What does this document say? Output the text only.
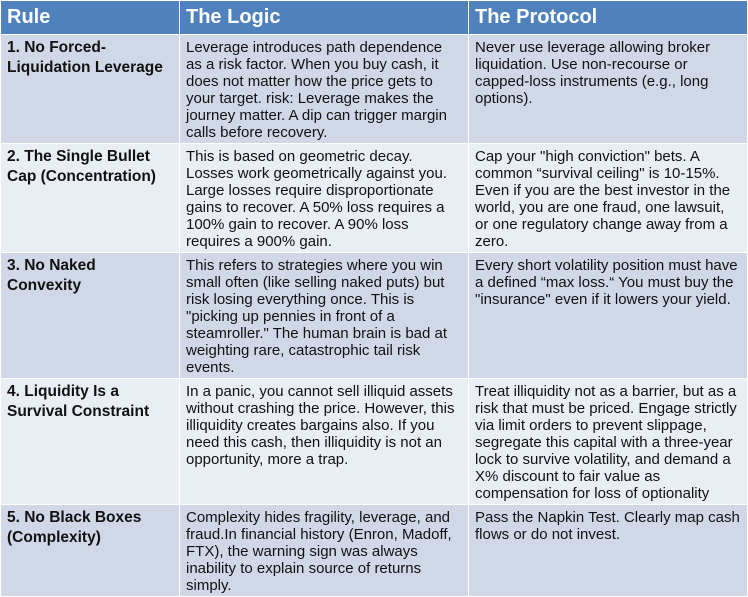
Rule	The Logic	The Protocol
1. No Forced-Liquidation Leverage	Leverage introduces path dependence as a risk factor. When you buy cash, it does not matter how the price gets to your target. risk: Leverage makes the journey matter. A dip can trigger margin calls before recovery.	Never use leverage allowing broker liquidation. Use non-recourse or capped-loss instruments (e.g., long options).
2. The Single Bullet Cap (Concentration)	This is based on geometric decay. Losses work geometrically against you. Large losses require disproportionate gains to recover. A 50% loss requires a 100% gain to recover. A 90% loss requires a 900% gain.	Cap your "high conviction" bets. A common “survival ceiling" is 10-15%. Even if you are the best investor in the world, you are one fraud, one lawsuit, or one regulatory change away from a zero.
3. No Naked Convexity	This refers to strategies where you win small often (like selling naked puts) but risk losing everything once. This is "picking up pennies in front of a steamroller." The human brain is bad at weighting rare, catastrophic tail risk events.	Every short volatility position must have a defined “max loss.“ You must buy the "insurance" even if it lowers your yield.
4. Liquidity Is a Survival Constraint	In a panic, you cannot sell illiquid assets without crashing the price. However, this illiquidity creates bargains also. If you need this cash, then illiquidity is not an opportunity, more a trap.	Treat illiquidity not as a barrier, but as a risk that must be priced. Engage strictly via limit orders to prevent slippage, segregate this capital with a three-year lock to survive volatility, and demand a X% discount to fair value as compensation for loss of optionality
5. No Black Boxes (Complexity)	Complexity hides fragility, leverage, and fraud.In financial history (Enron, Madoff, FTX), the warning sign was always inability to explain source of returns simply.	Pass the Napkin Test. Clearly map cash flows or do not invest.
